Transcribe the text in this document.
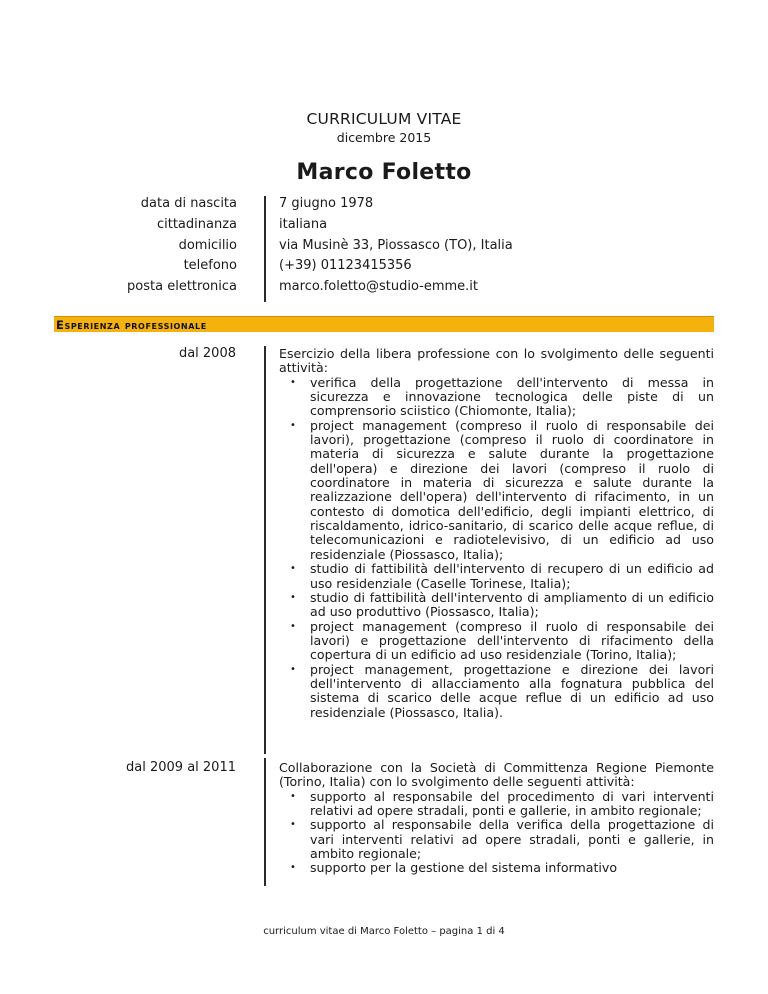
CURRICULUM VITAE
dicembre 2015
Marco Foletto
data di nascita	7 giugno 1978
cittadinanza	italiana
domicilio	via Musinè 33, Piossasco (TO), Italia
telefono	(+39) 01123415356
posta elettronica	marco.foletto@studio-emme.it
Esperienza professionale
dal 2008	Esercizio della libera professione con lo svolgimento delle seguenti attività:
• verifica della progettazione dell'intervento di messa in sicurezza e innovazione tecnologica delle piste di un comprensorio sciistico (Chiomonte, Italia);
• project management (compreso il ruolo di responsabile dei lavori), progettazione (compreso il ruolo di coordinatore in materia di sicurezza e salute durante la progettazione dell'opera) e direzione dei lavori (compreso il ruolo di coordinatore in materia di sicurezza e salute durante la realizzazione dell'opera) dell'intervento di rifacimento, in un contesto di domotica dell'edificio, degli impianti elettrico, di riscaldamento, idrico-sanitario, di scarico delle acque reflue, di telecomunicazioni e radiotelevisivo, di un edificio ad uso residenziale (Piossasco, Italia);
• studio di fattibilità dell'intervento di recupero di un edificio ad uso residenziale (Caselle Torinese, Italia);
• studio di fattibilità dell'intervento di ampliamento di un edificio ad uso produttivo (Piossasco, Italia);
• project management (compreso il ruolo di responsabile dei lavori) e progettazione dell'intervento di rifacimento della copertura di un edificio ad uso residenziale (Torino, Italia);
• project management, progettazione e direzione dei lavori dell'intervento di allacciamento alla fognatura pubblica del sistema di scarico delle acque reflue di un edificio ad uso residenziale (Piossasco, Italia).
dal 2009 al 2011	Collaborazione con la Società di Committenza Regione Piemonte (Torino, Italia) con lo svolgimento delle seguenti attività:
• supporto al responsabile del procedimento di vari interventi relativi ad opere stradali, ponti e gallerie, in ambito regionale;
• supporto al responsabile della verifica della progettazione di vari interventi relativi ad opere stradali, ponti e gallerie, in ambito regionale;
• supporto per la gestione del sistema informativo
curriculum vitae di Marco Foletto – pagina 1 di 4
